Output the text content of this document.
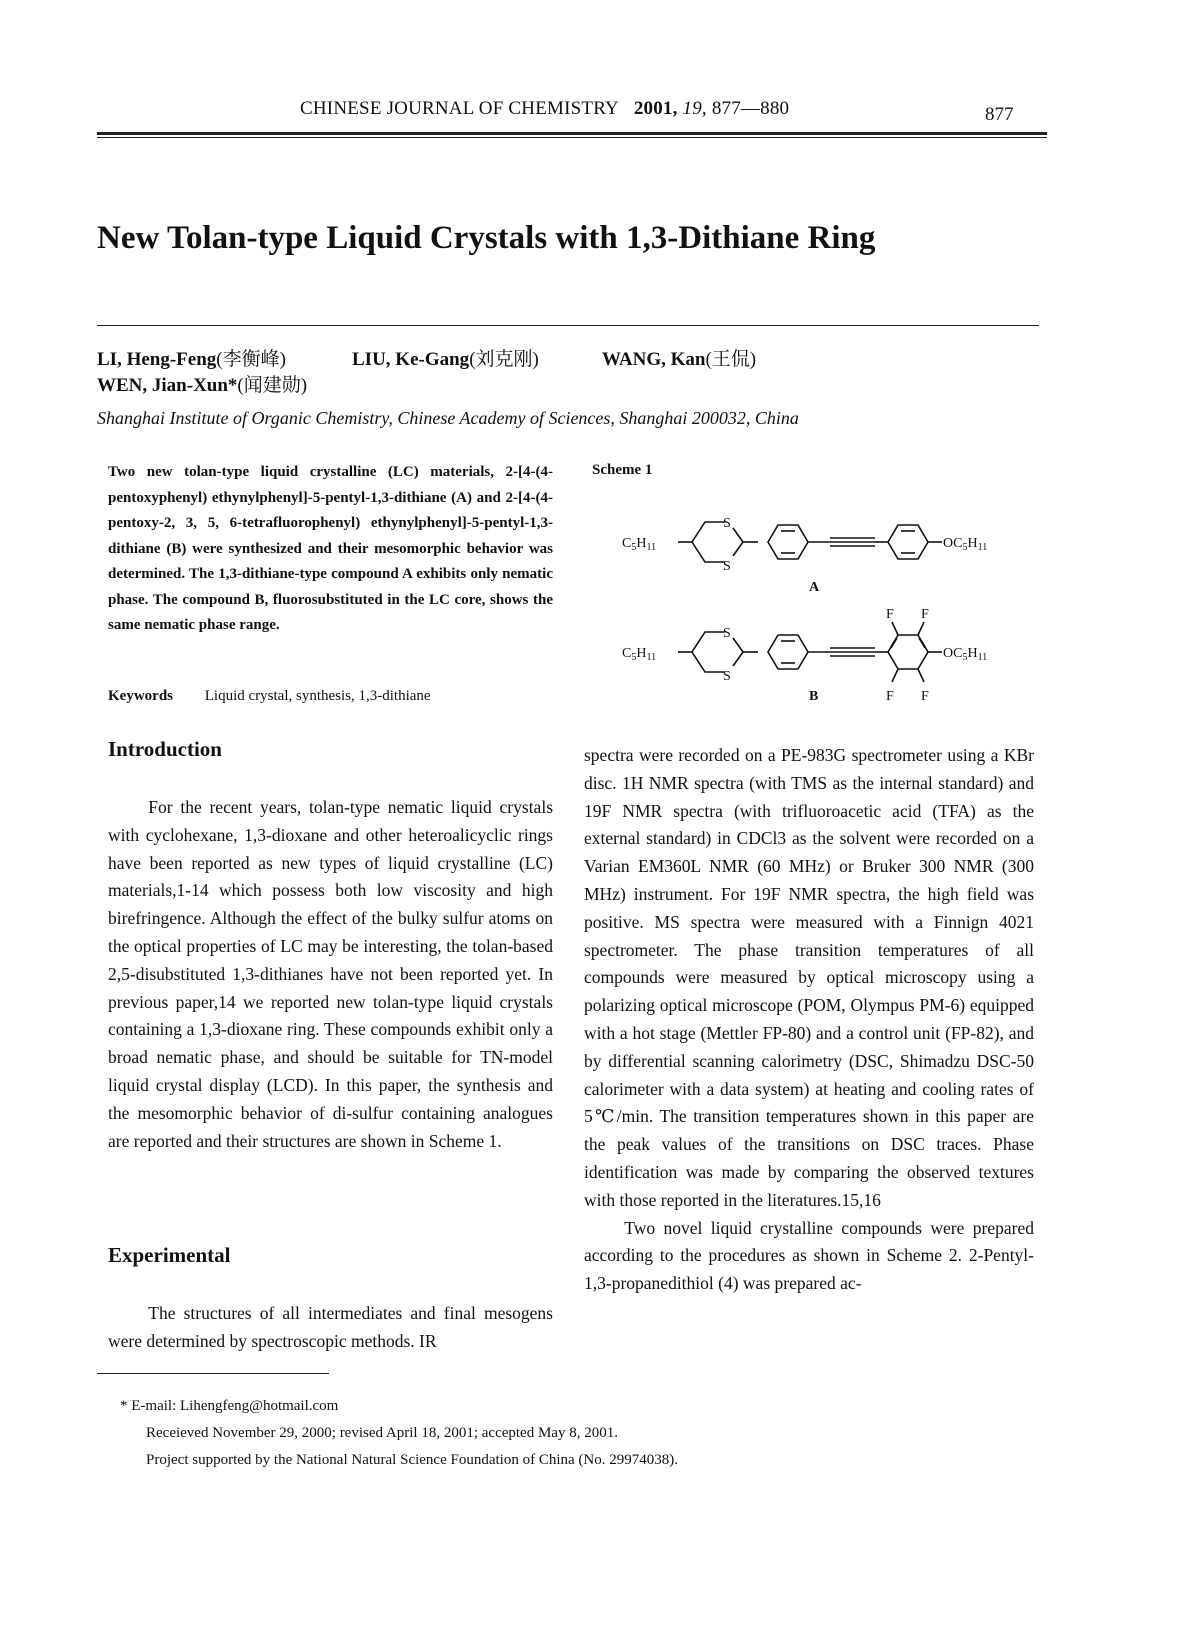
CHINESE JOURNAL OF CHEMISTRY 2001, 19, 877—880	877
New Tolan-type Liquid Crystals with 1,3-Dithiane Ring
LI, Heng-Feng(李衡峰)	LIU, Ke-Gang(刘克刚)	WANG, Kan(王侃)
WEN, Jian-Xun*(闻建勋)
Shanghai Institute of Organic Chemistry, Chinese Academy of Sciences, Shanghai 200032, China
Two new tolan-type liquid crystalline (LC) materials, 2-[4-(4-pentoxyphenyl) ethynylphenyl]-5-pentyl-1,3-dithiane (A) and 2-[4-(4-pentoxy-2, 3, 5, 6-tetrafluorophenyl) ethynylphenyl]-5-pentyl-1,3-dithiane (B) were synthesized and their mesomorphic behavior was determined. The 1,3-dithiane-type compound A exhibits only nematic phase. The compound B, fluorosubstituted in the LC core, shows the same nematic phase range.
Keywords Liquid crystal, synthesis, 1,3-dithiane
Scheme 1
$C_5H_{11}$
S
S
$OC_5H_{11}$
A
$C_5H_{11}$
S
S
$OC_5H_{11}$
F F
F F
B
Introduction

For the recent years, tolan-type nematic liquid crystals with cyclohexane, 1,3-dioxane and other heteroalicyclic rings have been reported as new types of liquid crystalline (LC) materials,1-14 which possess both low viscosity and high birefringence. Although the effect of the bulky sulfur atoms on the optical properties of LC may be interesting, the tolan-based 2,5-disubstituted 1,3-dithianes have not been reported yet. In previous paper,14 we reported new tolan-type liquid crystals containing a 1,3-dioxane ring. These compounds exhibit only a broad nematic phase, and should be suitable for TN-model liquid crystal display (LCD). In this paper, the synthesis and the mesomorphic behavior of di-sulfur containing analogues are reported and their structures are shown in Scheme 1.

Experimental

The structures of all intermediates and final mesogens were determined by spectroscopic methods. IR

spectra were recorded on a PE-983G spectrometer using a KBr disc. 1H NMR spectra (with TMS as the internal standard) and 19F NMR spectra (with trifluoroacetic acid (TFA) as the external standard) in CDCl3 as the solvent were recorded on a Varian EM360L NMR (60 MHz) or Bruker 300 NMR (300 MHz) instrument. For 19F NMR spectra, the high field was positive. MS spectra were measured with a Finnign 4021 spectrometer. The phase transition temperatures of all compounds were measured by optical microscopy using a polarizing optical microscope (POM, Olympus PM-6) equipped with a hot stage (Mettler FP-80) and a control unit (FP-82), and by differential scanning calorimetry (DSC, Shimadzu DSC-50 calorimeter with a data system) at heating and cooling rates of 5℃/min. The transition temperatures shown in this paper are the peak values of the transitions on DSC traces. Phase identification was made by comparing the observed textures with those reported in the literatures.15,16

Two novel liquid crystalline compounds were prepared according to the procedures as shown in Scheme 2. 2-Pentyl-1,3-propanedithiol (4) was prepared ac-

* E-mail: Lihengfeng@hotmail.com
Receieved November 29, 2000; revised April 18, 2001; accepted May 8, 2001.
Project supported by the National Natural Science Foundation of China (No. 29974038).
